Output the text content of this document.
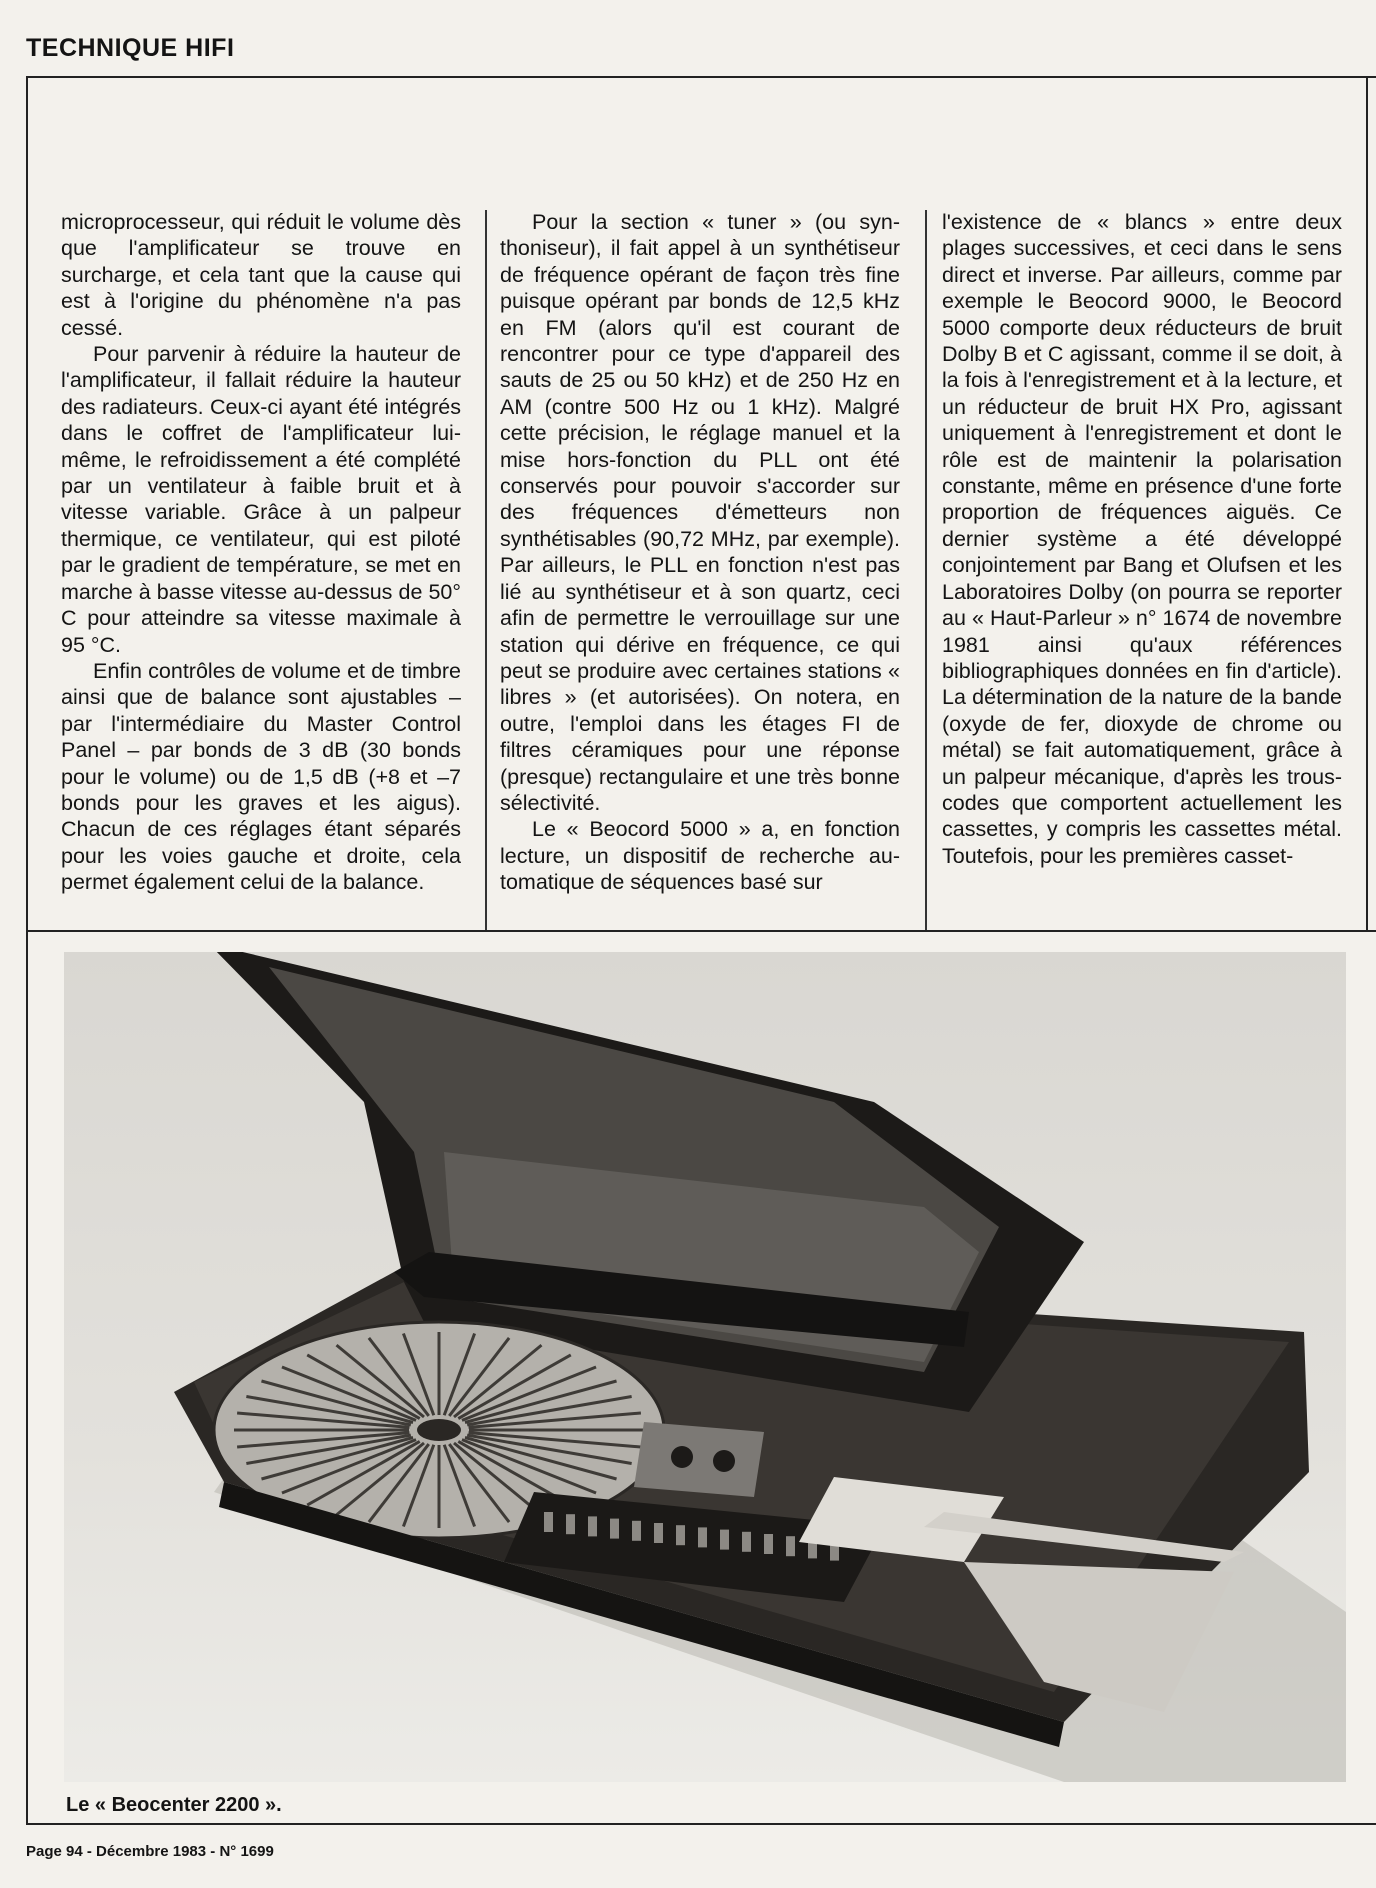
TECHNIQUE HIFI

microprocesseur, qui réduit le volume dès que l'amplificateur se trouve en surcharge, et cela tant que la cause qui est à l'origine du phénomène n'a pas cessé.

Pour parvenir à réduire la hauteur de l'amplificateur, il fallait réduire la hauteur des radiateurs. Ceux-ci ayant été intégrés dans le coffret de l'amplificateur lui-même, le refroidissement a été complété par un ventilateur à faible bruit et à vitesse variable. Grâce à un palpeur thermique, ce ventilateur, qui est piloté par le gradient de température, se met en marche à basse vitesse au-dessus de 50° C pour atteindre sa vitesse maximale à 95 °C.

Enfin contrôles de volume et de timbre ainsi que de balance sont ajustables – par l'intermédiaire du Master Control Panel – par bonds de 3 dB (30 bonds pour le volume) ou de 1,5 dB (+8 et –7 bonds pour les graves et les aigus). Chacun de ces réglages étant séparés pour les voies gauche et droite, cela permet également celui de la balance.

Pour la section « tuner » (ou synthoniseur), il fait appel à un synthétiseur de fréquence opérant de façon très fine puisque opérant par bonds de 12,5 kHz en FM (alors qu'il est courant de rencontrer pour ce type d'appareil des sauts de 25 ou 50 kHz) et de 250 Hz en AM (contre 500 Hz ou 1 kHz). Malgré cette précision, le réglage manuel et la mise hors-fonction du PLL ont été conservés pour pouvoir s'accorder sur des fréquences d'émetteurs non synthétisables (90,72 MHz, par exemple). Par ailleurs, le PLL en fonction n'est pas lié au synthétiseur et à son quartz, ceci afin de permettre le verrouillage sur une station qui dérive en fréquence, ce qui peut se produire avec certaines stations « libres » (et autorisées). On notera, en outre, l'emploi dans les étages FI de filtres céramiques pour une réponse (presque) rectangulaire et une très bonne sélectivité.

Le « Beocord 5000 » a, en fonction lecture, un dispositif de recherche automatique de séquences basé sur

l'existence de « blancs » entre deux plages successives, et ceci dans le sens direct et inverse. Par ailleurs, comme par exemple le Beocord 9000, le Beocord 5000 comporte deux réducteurs de bruit Dolby B et C agissant, comme il se doit, à la fois à l'enregistrement et à la lecture, et un réducteur de bruit HX Pro, agissant uniquement à l'enregistrement et dont le rôle est de maintenir la polarisation constante, même en présence d'une forte proportion de fréquences aiguës. Ce dernier système a été développé conjointement par Bang et Olufsen et les Laboratoires Dolby (on pourra se reporter au « Haut-Parleur » n° 1674 de novembre 1981 ainsi qu'aux références bibliographiques données en fin d'article). La détermination de la nature de la bande (oxyde de fer, dioxyde de chrome ou métal) se fait automatiquement, grâce à un palpeur mécanique, d'après les trous-codes que comportent actuellement les cassettes, y compris les cassettes métal. Toutefois, pour les premières casset-

Le « Beocenter 2200 ».
Page 94 - Décembre 1983 - N° 1699
